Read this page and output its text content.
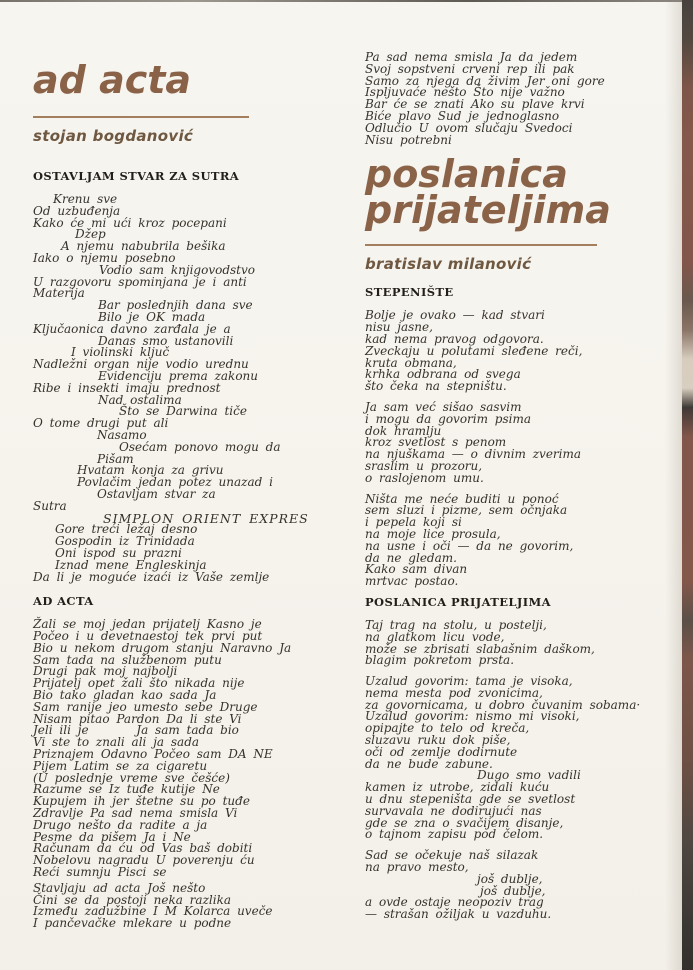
ad acta
stojan bogdanović
OSTAVLJAM STVAR ZA SUTRA
Krenu sve
Od uzbuđenja
Kako će mi ući kroz pocepani
Džep
A njemu nabubrila bešika
Iako o njemu posebno
Vodio sam knjigovodstvo
U razgovoru spominjana je i anti
Materija
Bar poslednjih dana sve
Bilo je OK mada
Ključaonica davno zarđala je a
Danas smo ustanovili
I violinski ključ
Nadležni organ nije vodio urednu
Evidenciju prema zakonu
Ribe i insekti imaju prednost
Nad ostalima
Što se Darwina tiče
O tome drugi put ali
Nasamo
Osećam ponovo mogu da
Pišam
Hvatam konja za grivu
Povlačim jedan potez unazad i
Ostavljam stvar za
Sutra
SIMPLON ORIENT EXPRES
Gore treći ležaj desno
Gospodin iz Trinidada
Oni ispod su prazni
Iznad mene Engleskinja
Da li je moguće izaći iz Vaše zemlje
AD ACTA
Žali se moj jedan prijatelj Kasno je
Počeo i u devetnaestoj tek prvi put
Bio u nekom drugom stanju Naravno Ja
Sam tada na službenom putu
Drugi pak moj najbolji
Prijatelj opet žali što nikada nije
Bio tako gladan kao sada Ja
Sam ranije jeo umesto sebe Druge
Nisam pitao Pardon Da li ste Vi
Jeli ili je       Ja sam tada bio
Vi ste to znali ali ja sada
Priznajem Odavno Počeo sam DA NE
Pijem Latim se za cigaretu
(U poslednje vreme sve češće)
Razume se Iz tuđe kutije Ne
Kupujem ih jer štetne su po tuđe
Zdravlje Pa sad nema smisla Vi
Drugo nešto da radite a ja
Pesme da pišem Ja i Ne
Računam da ću od Vas baš dobiti
Nobelovu nagradu U poverenju ću
Reći sumnju Pisci se
Stavljaju ad acta Još nešto
Čini se da postoji neka razlika
Između zadužbine I M Kolarca uveče
I pančevačke mlekare u podne
Pa sad nema smisla Ja da jedem
Svoj sopstveni crveni rep ili pak
Samo za njega da živim Jer oni gore
Ispljuvaće nešto Što nije važno
Bar će se znati Ako su plave krvi
Biće plavo Sud je jednoglasno
Odlučio U ovom slučaju Svedoci
Nisu potrebni
poslanica
prijateljima
bratislav milanović
STEPENIŠTE
Bolje je ovako — kad stvari
nisu jasne,
kad nema pravog odgovora.
Zveckaju u polutami sleđene reči,
kruta obmana,
krhka odbrana od svega
što čeka na stepništu.
Ja sam već sišao sasvim
i mogu da govorim psima
dok hramlju
kroz svetlost s penom
na njuškama — o divnim zverima
sraslim u prozoru,
o raslojenom umu.
Ništa me neće buditi u ponoć
sem sluzi i pizme, sem očnjaka
i pepela koji si
na moje lice prosula,
na usne i oči — da ne govorim,
da ne gledam.
Kako sam divan
mrtvac postao.
POSLANICA PRIJATELJIMA
Taj trag na stolu, u postelji,
na glatkom licu vode,
može se zbrisati slabašnim daškom,
blagim pokretom prsta.
Uzalud govorim: tama je visoka,
nema mesta pod zvonicima,
za govornicama, u dobro čuvanim sobama·
Uzalud govorim: nismo mi visoki,
opipajte to telo od kreča,
sluzavu ruku dok piše,
oči od zemlje dodirnute
da ne bude zabune.
Dugo smo vadili
kamen iz utrobe, zidali kuću
u dnu stepeništa gde se svetlost
survavala ne dodirujući nas
gde se zna o svačijem disanje,
o tajnom zapisu pod čelom.
Sad se očekuje naš silazak
na pravo mesto,
još dublje,
još dublje,
a ovde ostaje neopoziv trag
— strašan ožiljak u vazduhu.
